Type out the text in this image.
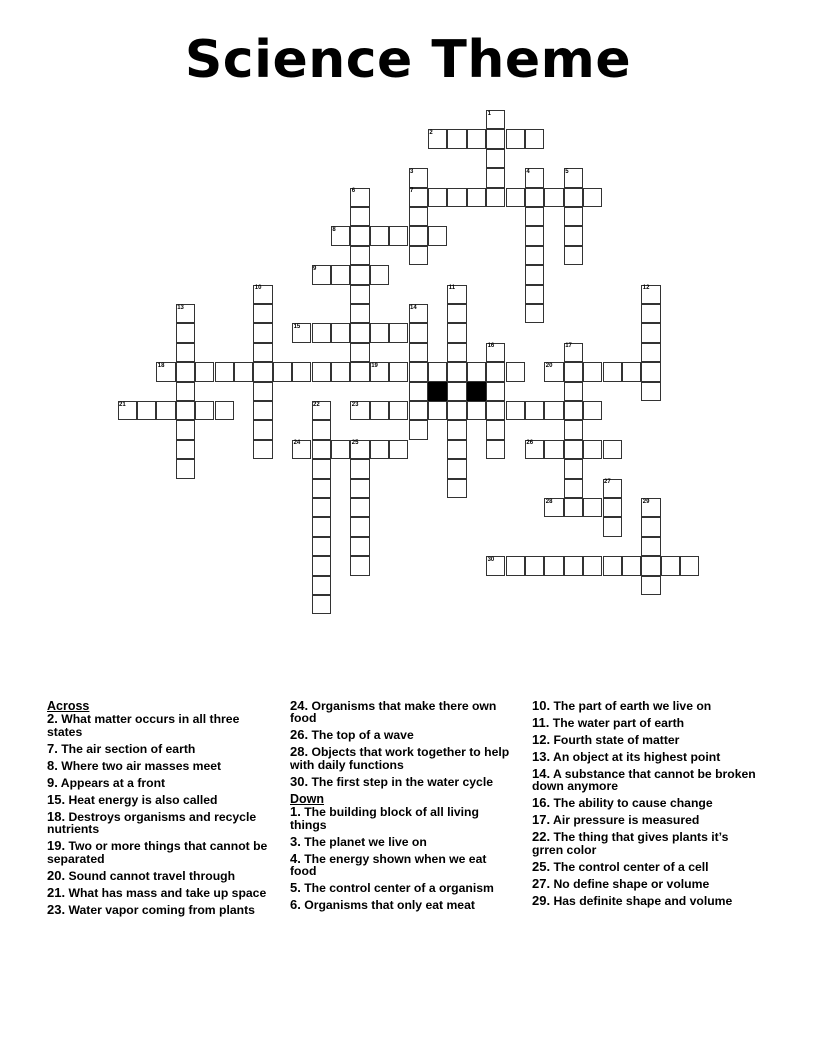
Science Theme
1
2
3	4	5
6	7
8
9
10	11	12
13	14
15
16	17
18	19	20
21	22	23
24	25	26
27
28	29
30
Across
2. What matter occurs in all three states
7. The air section of earth
8. Where two air masses meet
9. Appears at a front
15. Heat energy is also called
18. Destroys organisms and recycle nutrients
19. Two or more things that cannot be separated
20. Sound cannot travel through
21. What has mass and take up space
23. Water vapor coming from plants
24. Organisms that make there own food
26. The top of a wave
28. Objects that work together to help with daily functions
30. The first step in the water cycle
Down
1. The building block of all living things
3. The planet we live on
4. The energy shown when we eat food
5. The control center of a organism
6. Organisms that only eat meat
10. The part of earth we live on
11. The water part of earth
12. Fourth state of matter
13. An object at its highest point
14. A substance that cannot be broken down anymore
16. The ability to cause change
17. Air pressure is measured
22. The thing that gives plants it’s grren color
25. The control center of a cell
27. No define shape or volume
29. Has definite shape and volume
